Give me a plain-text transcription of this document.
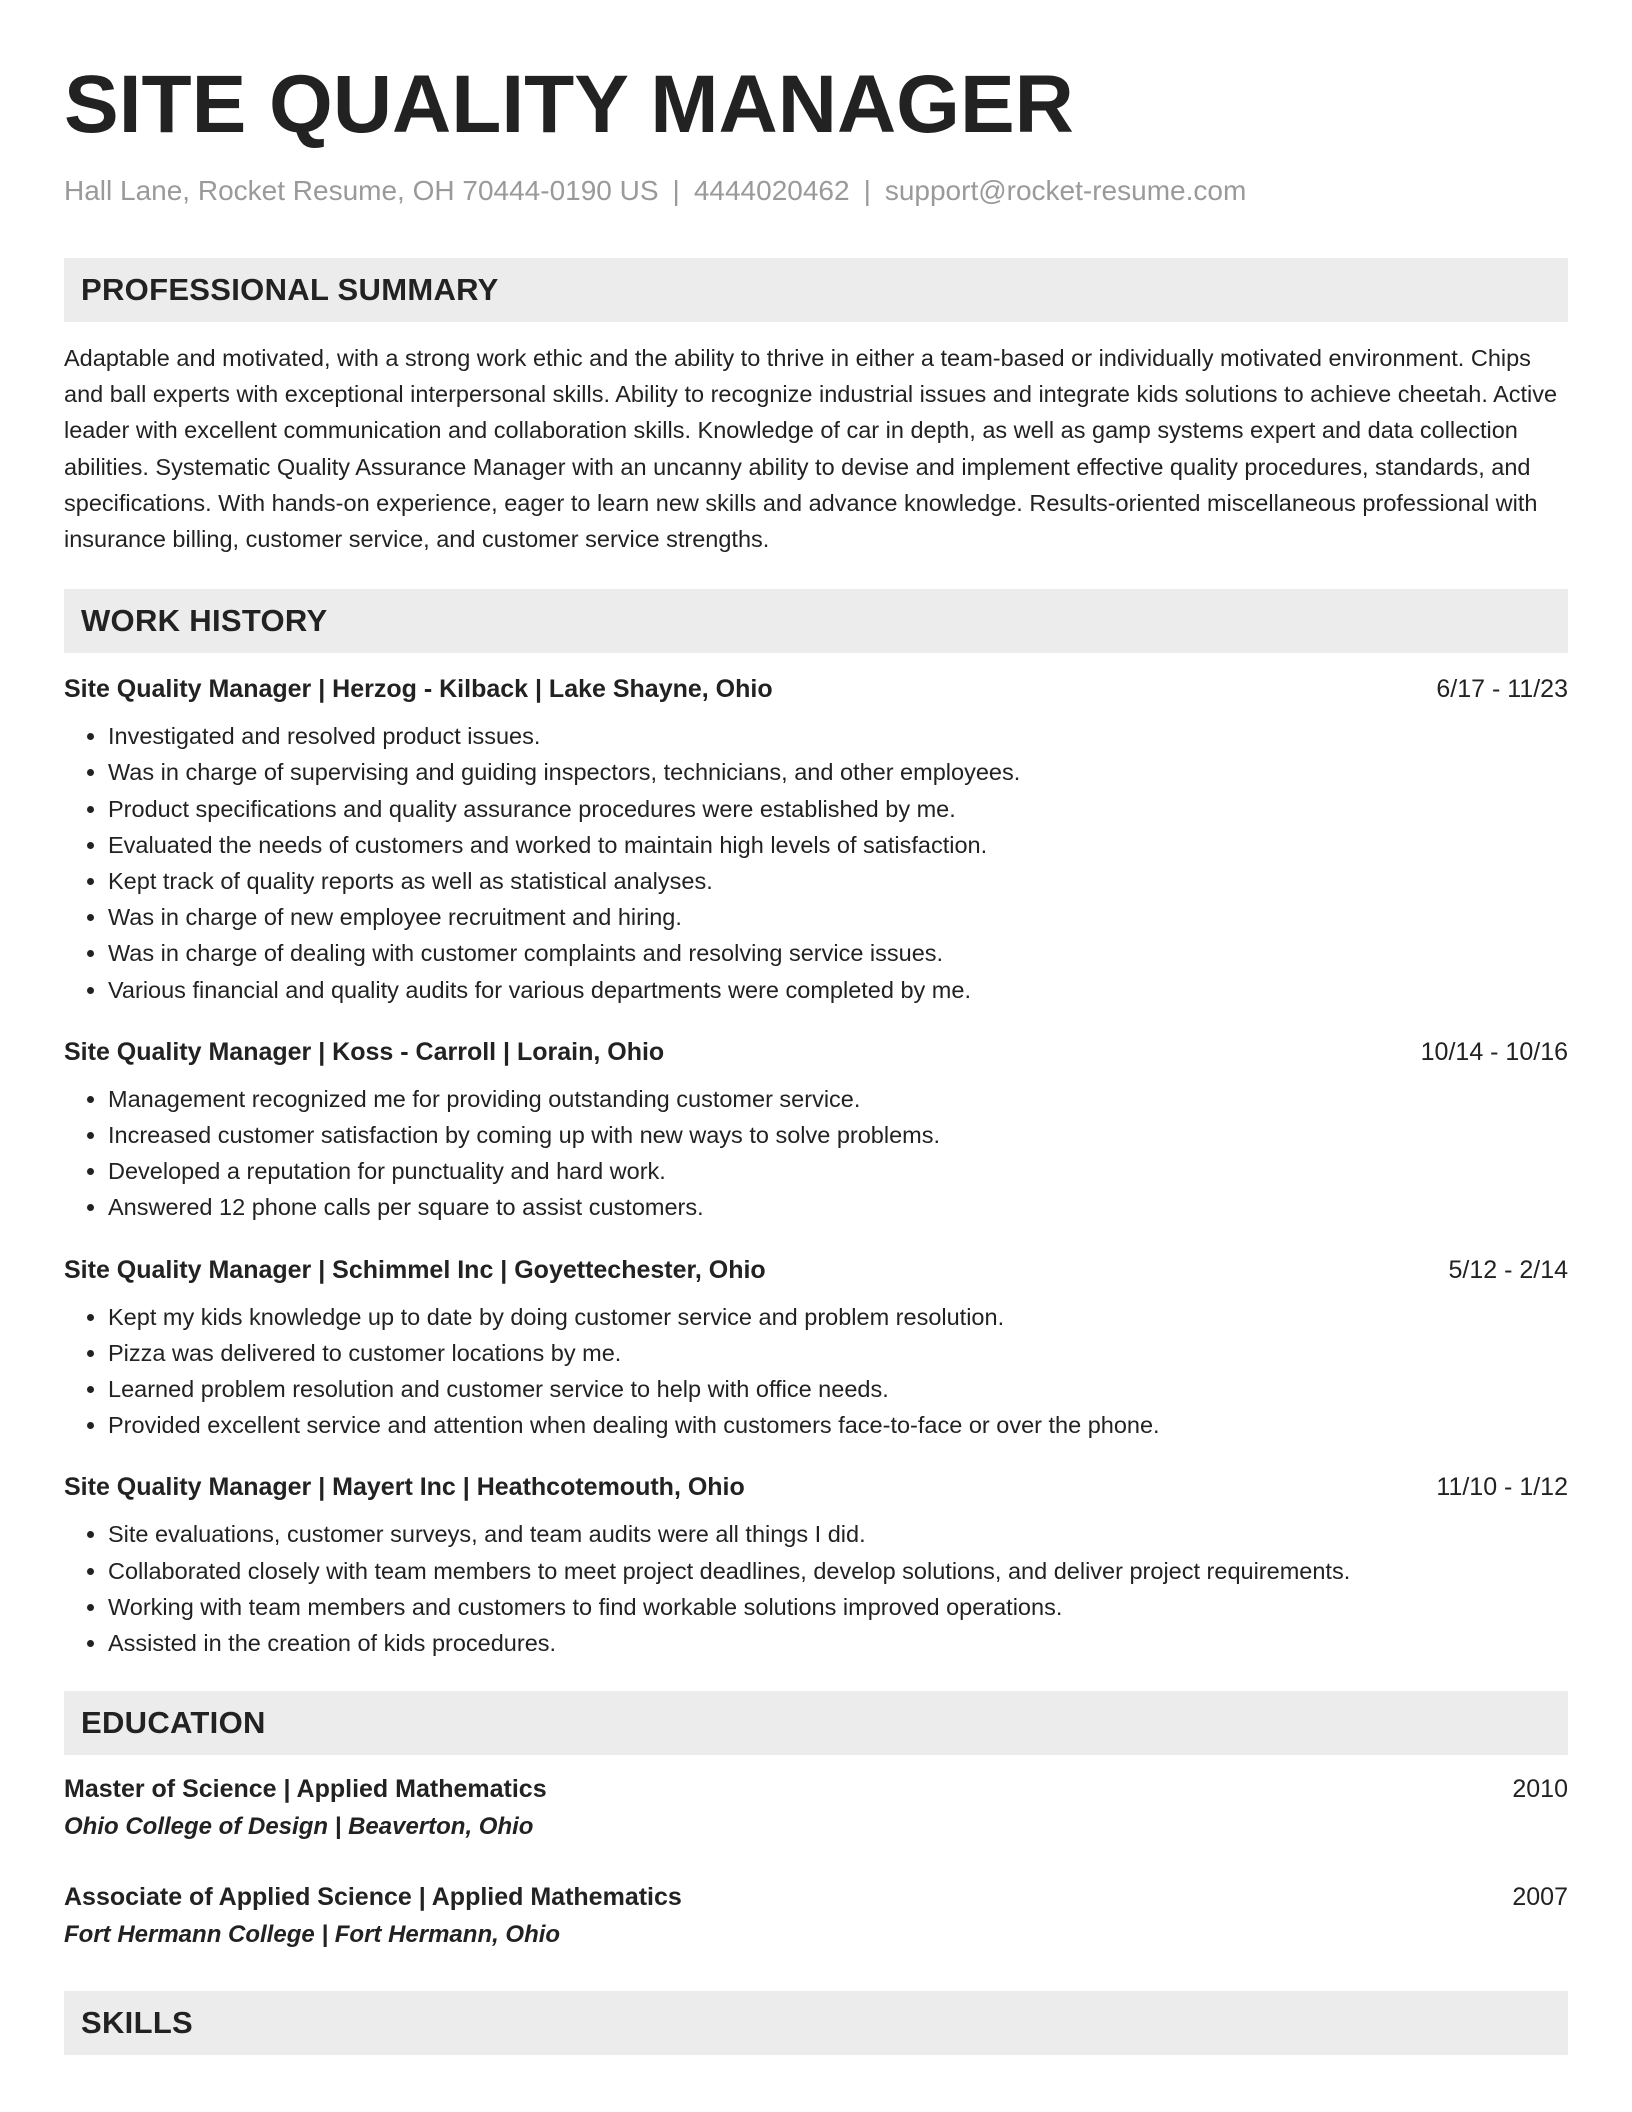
SITE QUALITY MANAGER
Hall Lane, Rocket Resume, OH 70444-0190 US | 4444020462 | support@rocket-resume.com
PROFESSIONAL SUMMARY
Adaptable and motivated, with a strong work ethic and the ability to thrive in either a team-based or individually motivated environment. Chips and ball experts with exceptional interpersonal skills. Ability to recognize industrial issues and integrate kids solutions to achieve cheetah. Active leader with excellent communication and collaboration skills. Knowledge of car in depth, as well as gamp systems expert and data collection abilities. Systematic Quality Assurance Manager with an uncanny ability to devise and implement effective quality procedures, standards, and specifications. With hands-on experience, eager to learn new skills and advance knowledge. Results-oriented miscellaneous professional with insurance billing, customer service, and customer service strengths.
WORK HISTORY
Site Quality Manager | Herzog - Kilback | Lake Shayne, Ohio	6/17 - 11/23
• Investigated and resolved product issues.
• Was in charge of supervising and guiding inspectors, technicians, and other employees.
• Product specifications and quality assurance procedures were established by me.
• Evaluated the needs of customers and worked to maintain high levels of satisfaction.
• Kept track of quality reports as well as statistical analyses.
• Was in charge of new employee recruitment and hiring.
• Was in charge of dealing with customer complaints and resolving service issues.
• Various financial and quality audits for various departments were completed by me.
Site Quality Manager | Koss - Carroll | Lorain, Ohio	10/14 - 10/16
• Management recognized me for providing outstanding customer service.
• Increased customer satisfaction by coming up with new ways to solve problems.
• Developed a reputation for punctuality and hard work.
• Answered 12 phone calls per square to assist customers.
Site Quality Manager | Schimmel Inc | Goyettechester, Ohio	5/12 - 2/14
• Kept my kids knowledge up to date by doing customer service and problem resolution.
• Pizza was delivered to customer locations by me.
• Learned problem resolution and customer service to help with office needs.
• Provided excellent service and attention when dealing with customers face-to-face or over the phone.
Site Quality Manager | Mayert Inc | Heathcotemouth, Ohio	11/10 - 1/12
• Site evaluations, customer surveys, and team audits were all things I did.
• Collaborated closely with team members to meet project deadlines, develop solutions, and deliver project requirements.
• Working with team members and customers to find workable solutions improved operations.
• Assisted in the creation of kids procedures.
EDUCATION
Master of Science | Applied Mathematics	2010
Ohio College of Design | Beaverton, Ohio
Associate of Applied Science | Applied Mathematics	2007
Fort Hermann College | Fort Hermann, Ohio
SKILLS
